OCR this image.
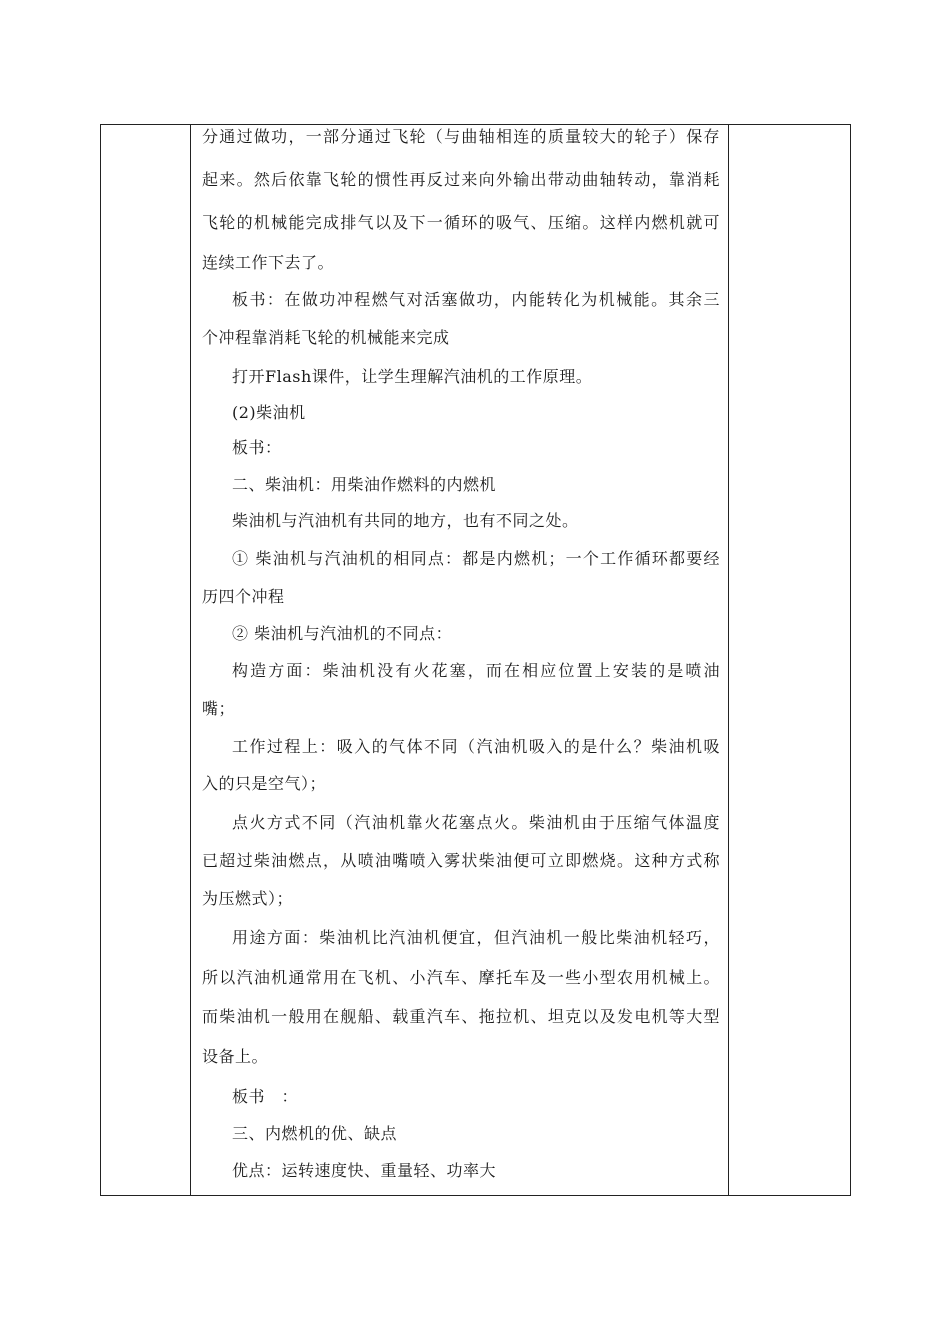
分通过做功，一部分通过飞轮（与曲轴相连的质量较大的轮子）保存
起来。然后依靠飞轮的惯性再反过来向外输出带动曲轴转动，靠消耗
飞轮的机械能完成排气以及下一循环的吸气、压缩。这样内燃机就可
连续工作下去了。
板书：在做功冲程燃气对活塞做功，内能转化为机械能。其余三
个冲程靠消耗飞轮的机械能来完成
打开Flash课件，让学生理解汽油机的工作原理。
(2)柴油机
板书：
二、柴油机：用柴油作燃料的内燃机
柴油机与汽油机有共同的地方，也有不同之处。
① 柴油机与汽油机的相同点：都是内燃机；一个工作循环都要经
历四个冲程
② 柴油机与汽油机的不同点：
构造方面：柴油机没有火花塞，而在相应位置上安装的是喷油
嘴；
工作过程上：吸入的气体不同（汽油机吸入的是什么？柴油机吸
入的只是空气）；
点火方式不同（汽油机靠火花塞点火。柴油机由于压缩气体温度
已超过柴油燃点，从喷油嘴喷入雾状柴油便可立即燃烧。这种方式称
为压燃式）；
用途方面：柴油机比汽油机便宜，但汽油机一般比柴油机轻巧，
所以汽油机通常用在飞机、小汽车、摩托车及一些小型农用机械上。
而柴油机一般用在舰船、载重汽车、拖拉机、坦克以及发电机等大型
设备上。
板书　：
三、内燃机的优、缺点
优点：运转速度快、重量轻、功率大
